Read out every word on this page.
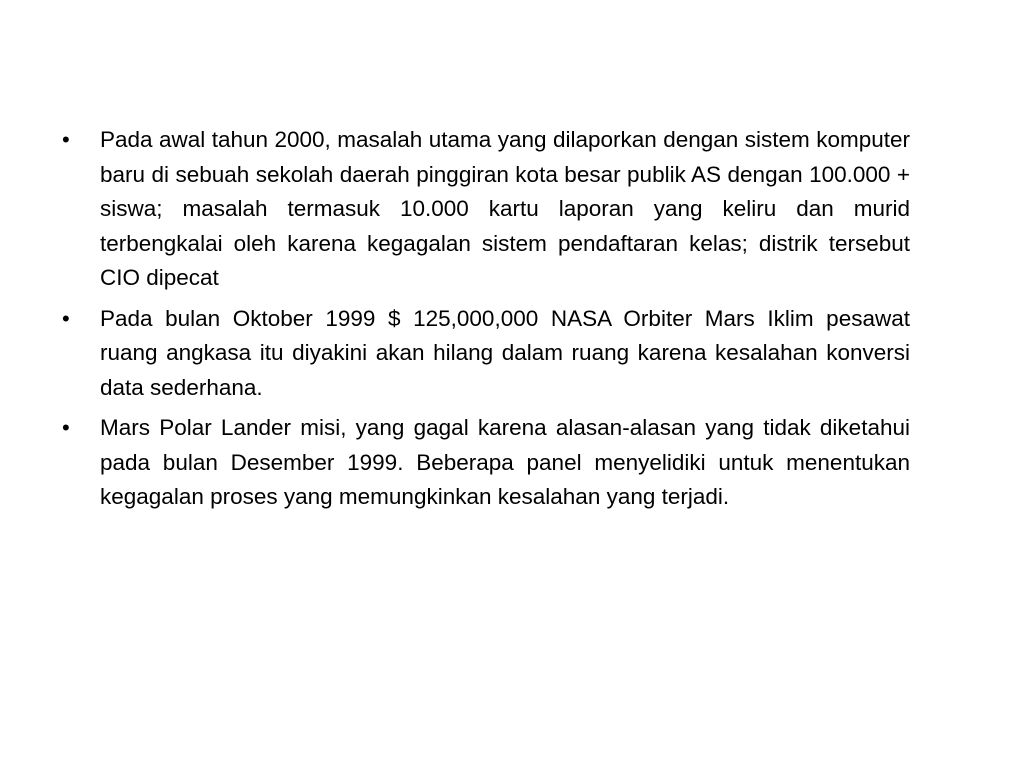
•	Pada awal tahun 2000, masalah utama yang dilaporkan dengan sistem komputer baru di sebuah sekolah daerah pinggiran kota besar publik AS dengan 100.000 + siswa; masalah termasuk 10.000 kartu laporan yang keliru dan murid terbengkalai oleh karena kegagalan sistem pendaftaran kelas; distrik tersebut CIO dipecat
•	Pada bulan Oktober 1999 $ 125,000,000 NASA Orbiter Mars Iklim pesawat ruang angkasa itu diyakini akan hilang dalam ruang karena kesalahan konversi data sederhana.
•	Mars Polar Lander misi, yang gagal karena alasan-alasan yang tidak diketahui pada bulan Desember 1999. Beberapa panel menyelidiki untuk menentukan kegagalan proses yang memungkinkan kesalahan yang terjadi.
